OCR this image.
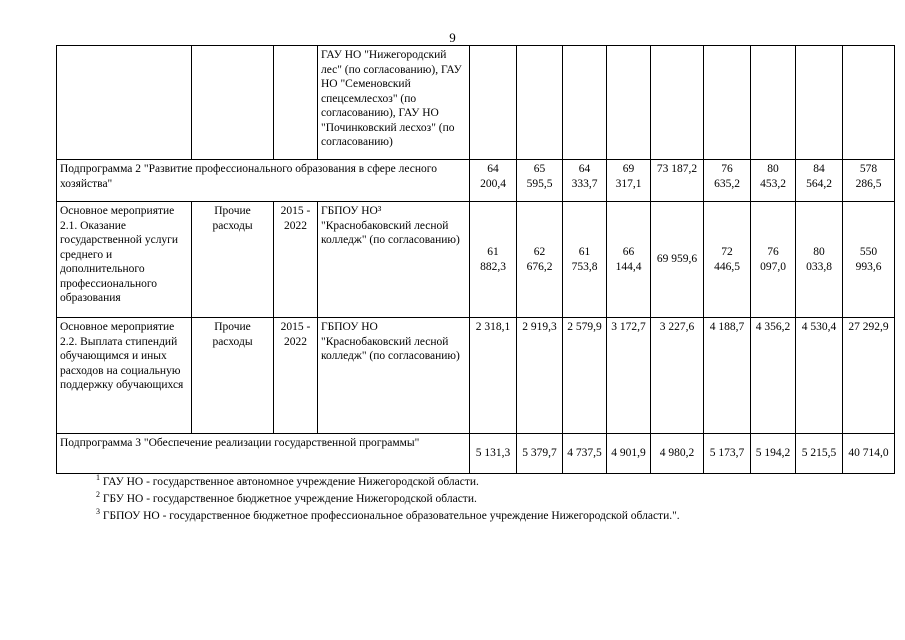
9
			ГАУ НО "Нижегородский лес" (по согласованию), ГАУ НО "Семеновский спецсемлесхоз" (по согласованию), ГАУ НО "Починковский лесхоз" (по согласованию)									
Подпрограмма 2 "Развитие профессионального образования в сфере лесного хозяйства"				64 200,4	65 595,5	64 333,7	69 317,1	73 187,2	76 635,2	80 453,2	84 564,2	578 286,5
Основное мероприятие 2.1. Оказание государственной услуги среднего и дополнительного профессионального образования	Прочие расходы	2015 - 2022	ГБПОУ НО³ "Краснобаковский лесной колледж" (по согласованию)	61 882,3	62 676,2	61 753,8	66 144,4	69 959,6	72 446,5	76 097,0	80 033,8	550 993,6
Основное мероприятие 2.2. Выплата стипендий обучающимся и иных расходов на социальную поддержку обучающихся	Прочие расходы	2015 - 2022	ГБПОУ НО "Краснобаковский лесной колледж" (по согласованию)	2 318,1	2 919,3	2 579,9	3 172,7	3 227,6	4 188,7	4 356,2	4 530,4	27 292,9
Подпрограмма 3 "Обеспечение реализации государственной программы"				5 131,3	5 379,7	4 737,5	4 901,9	4 980,2	5 173,7	5 194,2	5 215,5	40 714,0
$^1$ ГАУ НО - государственное автономное учреждение Нижегородской области.
$^2$ ГБУ НО - государственное бюджетное учреждение Нижегородской области.
$^3$ ГБПОУ НО - государственное бюджетное профессиональное образовательное учреждение Нижегородской области.".
